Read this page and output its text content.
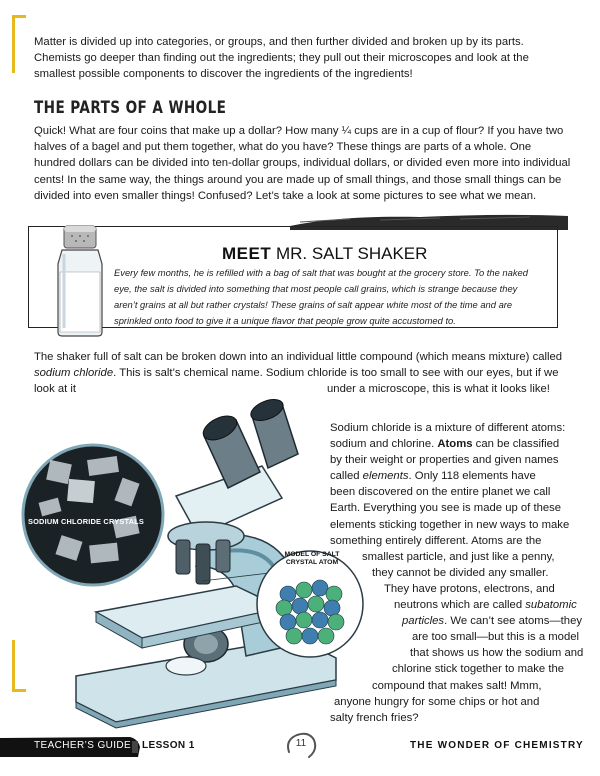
Matter is divided up into categories, or groups, and then further divided and broken up by its parts. Chemists go deeper than finding out the ingredients; they pull out their microscopes and look at the smallest possible components to discover the ingredients of the ingredients!

THE PARTS OF A WHOLE

Quick! What are four coins that make up a dollar? How many ¼ cups are in a cup of flour? If you have two halves of a bagel and put them together, what do you have? These things are parts of a whole. One hundred dollars can be divided into ten-dollar groups, individual dollars, or divided even more into individual cents! In the same way, the things around you are made up of small things, and those small things can be divided into even smaller things! Confused? Let’s take a look at some pictures to see what we mean.

MEET MR. SALT SHAKER

Every few months, he is refilled with a bag of salt that was bought at the grocery store. To the naked eye, the salt is divided into something that most people call grains, which is strange because they aren’t grains at all but rather crystals! These grains of salt appear white most of the time and are sprinkled onto food to give it a unique flavor that people grow quite accustomed to.

The shaker full of salt can be broken down into an individual little compound (which means mixture) called sodium chloride. This is salt’s chemical name. Sodium chloride is too small to see with our eyes, but if we look at it	under a microscope, this is what it looks like!

SODIUM CHLORIDE CRYSTALS
MODEL OF SALT CRYSTAL ATOM
Sodium chloride is a mixture of different atoms:
sodium and chlorine. Atoms can be classified
by their weight or properties and given names
called elements. Only 118 elements have
been discovered on the entire planet we call
Earth. Everything you see is made up of these
elements sticking together in new ways to make
something entirely different. Atoms are the
smallest particle, and just like a penny,
they cannot be divided any smaller.
They have protons, electrons, and
neutrons which are called subatomic
particles. We can’t see atoms—they
are too small—but this is a model
that shows us how the sodium and
chlorine stick together to make the
compound that makes salt! Mmm,
anyone hungry for some chips or hot and
salty french fries?
TEACHER’S GUIDE LESSON 1	11	THE WONDER OF CHEMISTRY
